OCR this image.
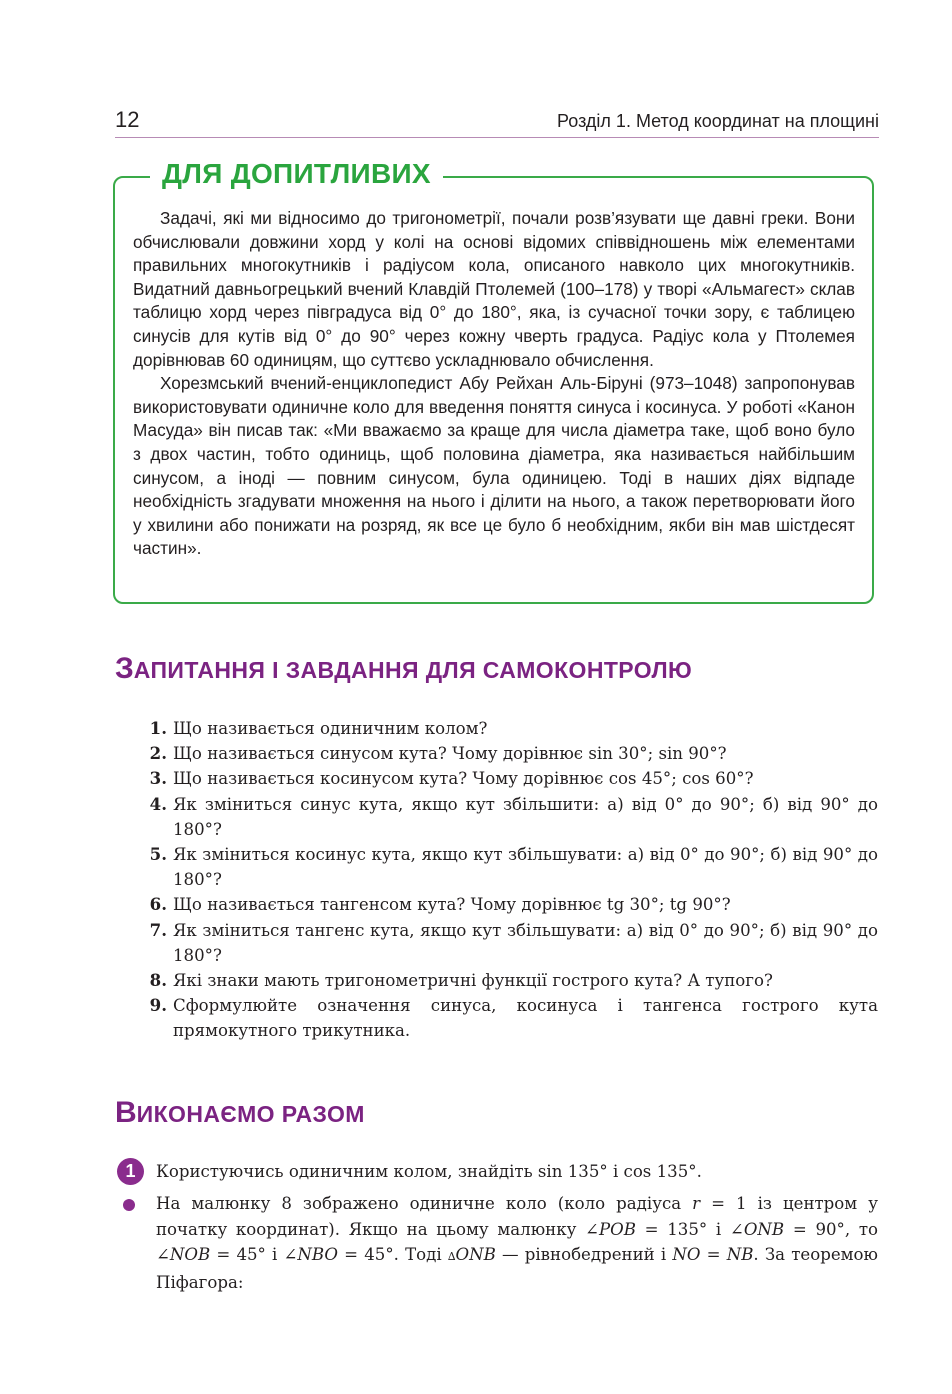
12	Розділ 1. Метод координат на площині
ДЛЯ ДОПИТЛИВИХ

Задачі, які ми відносимо до тригонометрії, почали розв’язувати ще давні греки. Вони обчислювали довжини хорд у колі на основі відомих співвідношень між елементами правильних многокутників і радіусом кола, описаного навколо цих многокутників. Видатний давньогрецький вчений Клавдій Птолемей (100–178) у творі «Альмагест» склав таблицю хорд через півградуса від 0° до 180°, яка, із сучасної точки зору, є таблицею синусів для кутів від 0° до 90° через кожну чверть градуса. Радіус кола у Птолемея дорівнював 60 одиницям, що суттєво ускладнювало обчислення.

Хорезмський вчений-енциклопедист Абу Рейхан Аль-Біруні (973–1048) запропонував використовувати одиничне коло для введення поняття синуса і косинуса. У роботі «Канон Масуда» він писав так: «Ми вважаємо за краще для числа діаметра таке, щоб воно було з двох частин, тобто одиниць, щоб половина діаметра, яка називається найбільшим синусом, а іноді — повним синусом, була одиницею. Тоді в наших діях відпаде необхідність згадувати множення на нього і ділити на нього, а також перетворювати його у хвилини або понижати на розряд, як все це було б необхідним, якби він мав шістдесят частин».

ЗАПИТАННЯ І ЗАВДАННЯ ДЛЯ САМОКОНТРОЛЮ
1. Що називається одиничним колом?
2. Що називається синусом кута? Чому дорівнює sin 30°; sin 90°?
3. Що називається косинусом кута? Чому дорівнює cos 45°; cos 60°?
4. Як зміниться синус кута, якщо кут збільшити: а) від 0° до 90°; б) від 90° до 180°?
5. Як зміниться косинус кута, якщо кут збільшувати: а) від 0° до 90°; б) від 90° до 180°?
6. Що називається тангенсом кута? Чому дорівнює tg 30°; tg 90°?
7. Як зміниться тангенс кута, якщо кут збільшувати: а) від 0° до 90°; б) від 90° до 180°?
8. Які знаки мають тригонометричні функції гострого кута? А тупого?
9. Сформулюйте означення синуса, косинуса і тангенса гострого кута прямокутного трикутника.
ВИКОНАЄМО РАЗОМ
1	Користуючись одиничним колом, знайдіть sin 135° і cos 135°.
На малюнку 8 зображено одиничне коло (коло радіуса r = 1 із центром у початку координат). Якщо на цьому малюнку ∠POB = 135° і ∠ONB = 90°, то ∠NOB = 45° і ∠NBO = 45°. Тоді ∆ONB — рівнобедрений і NO = NB. За теоремою Піфагора:
